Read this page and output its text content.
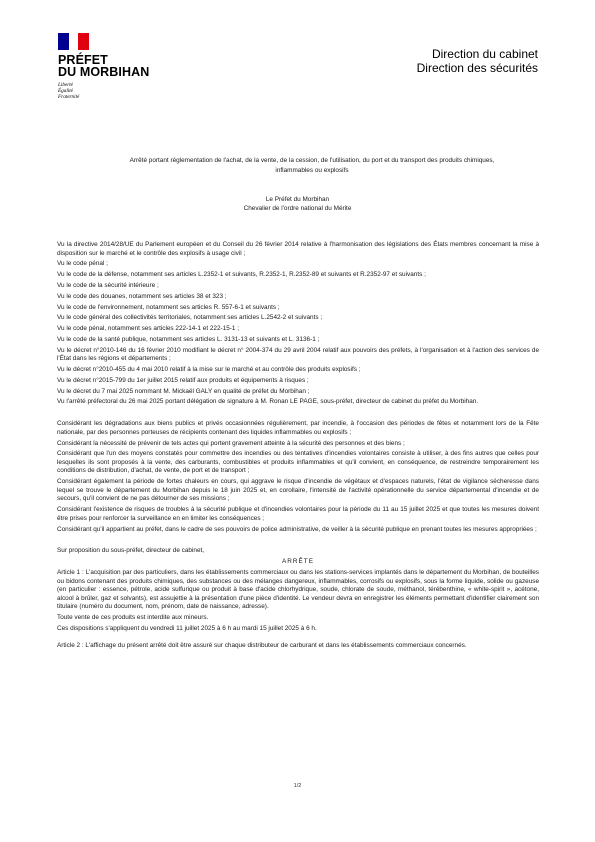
PRÉFET
DU MORBIHAN
Liberté
Égalité
Fraternité
Direction du cabinet
Direction des sécurités
Arrêté portant réglementation de l'achat, de la vente, de la cession, de l'utilisation, du port et du transport des produits chimiques,
inflammables ou explosifs
Le Préfet du Morbihan
Chevalier de l'ordre national du Mérite

Vu la directive 2014/28/UE du Parlement européen et du Conseil du 26 février 2014 relative à l'harmonisation des législations des États membres concernant la mise à disposition sur le marché et le contrôle des explosifs à usage civil ;

Vu le code pénal ;

Vu le code de la défense, notamment ses articles L.2352-1 et suivants, R.2352-1, R.2352-89 et suivants et R.2352-97 et suivants ;

Vu le code de la sécurité intérieure ;

Vu le code des douanes, notamment ses articles 38 et 323 ;

Vu le code de l'environnement, notamment ses articles R. 557-6-1 et suivants ;

Vu le code général des collectivités territoriales, notamment ses articles L.2542-2 et suivants ;

Vu le code pénal, notamment ses articles 222-14-1 et 222-15-1 ;

Vu le code de la santé publique, notamment ses articles L. 3131-13 et suivants et L. 3136-1 ;

Vu le décret n°2010-146 du 16 février 2010 modifiant le décret n° 2004-374 du 29 avril 2004 relatif aux pouvoirs des préfets, à l'organisation et à l'action des services de l'État dans les régions et départements ;

Vu le décret n°2010-455 du 4 mai 2010 relatif à la mise sur le marché et au contrôle des produits explosifs ;

Vu le décret n°2015-799 du 1er juillet 2015 relatif aux produits et équipements à risques ;

Vu le décret du 7 mai 2025 nommant M. Mickaël GALY en qualité de préfet du Morbihan ;

Vu l'arrêté préfectoral du 26 mai 2025 portant délégation de signature à M. Ronan LE PAGE, sous-préfet, directeur de cabinet du préfet du Morbihan.

Considérant les dégradations aux biens publics et privés occasionnées régulièrement, par incendie, à l'occasion des périodes de fêtes et notamment lors de la Fête nationale, par des personnes porteuses de récipients contenant des liquides inflammables ou explosifs ;

Considérant la nécessité de prévenir de tels actes qui portent gravement atteinte à la sécurité des personnes et des biens ;

Considérant que l'un des moyens constatés pour commettre des incendies ou des tentatives d'incendies volontaires consiste à utiliser, à des fins autres que celles pour lesquelles ils sont proposés à la vente, des carburants, combustibles et produits inflammables et qu'il convient, en conséquence, de restreindre temporairement les conditions de distribution, d'achat, de vente, de port et de transport ;

Considérant également la période de fortes chaleurs en cours, qui aggrave le risque d'incendie de végétaux et d'espaces naturels, l'état de vigilance sécheresse dans lequel se trouve le département du Morbihan depuis le 18 juin 2025 et, en corollaire, l'intensité de l'activité opérationnelle du service départemental d'incendie et de secours, qu'il convient de ne pas détourner de ses missions ;

Considérant l'existence de risques de troubles à la sécurité publique et d'incendies volontaires pour la période du 11 au 15 juillet 2025 et que toutes les mesures doivent être prises pour renforcer la surveillance en en limiter les conséquences ;

Considérant qu'il appartient au préfet, dans le cadre de ses pouvoirs de police administrative, de veiller à la sécurité publique en prenant toutes les mesures appropriées ;

Sur proposition du sous-préfet, directeur de cabinet,

ARRÊTE

Article 1 : L'acquisition par des particuliers, dans les établissements commerciaux ou dans les stations-services implantés dans le département du Morbihan, de bouteilles ou bidons contenant des produits chimiques, des substances ou des mélanges dangereux, inflammables, corrosifs ou explosifs, sous la forme liquide, solide ou gazeuse (en particulier : essence, pétrole, acide sulfurique ou produit à base d'acide chlorhydrique, soude, chlorate de soude, méthanol, térébenthine, « white-spirit », acétone, alcool à brûler, gaz et solvants), est assujettie à la présentation d'une pièce d'identité. Le vendeur devra en enregistrer les éléments permettant d'identifier clairement son titulaire (numéro du document, nom, prénom, date de naissance, adresse).

Toute vente de ces produits est interdite aux mineurs.

Ces dispositions s'appliquent du vendredi 11 juillet 2025 à 6 h au mardi 15 juillet 2025 à 6 h.

Article 2 : L'affichage du présent arrêté doit être assuré sur chaque distributeur de carburant et dans les établissements commerciaux concernés.

1/2
